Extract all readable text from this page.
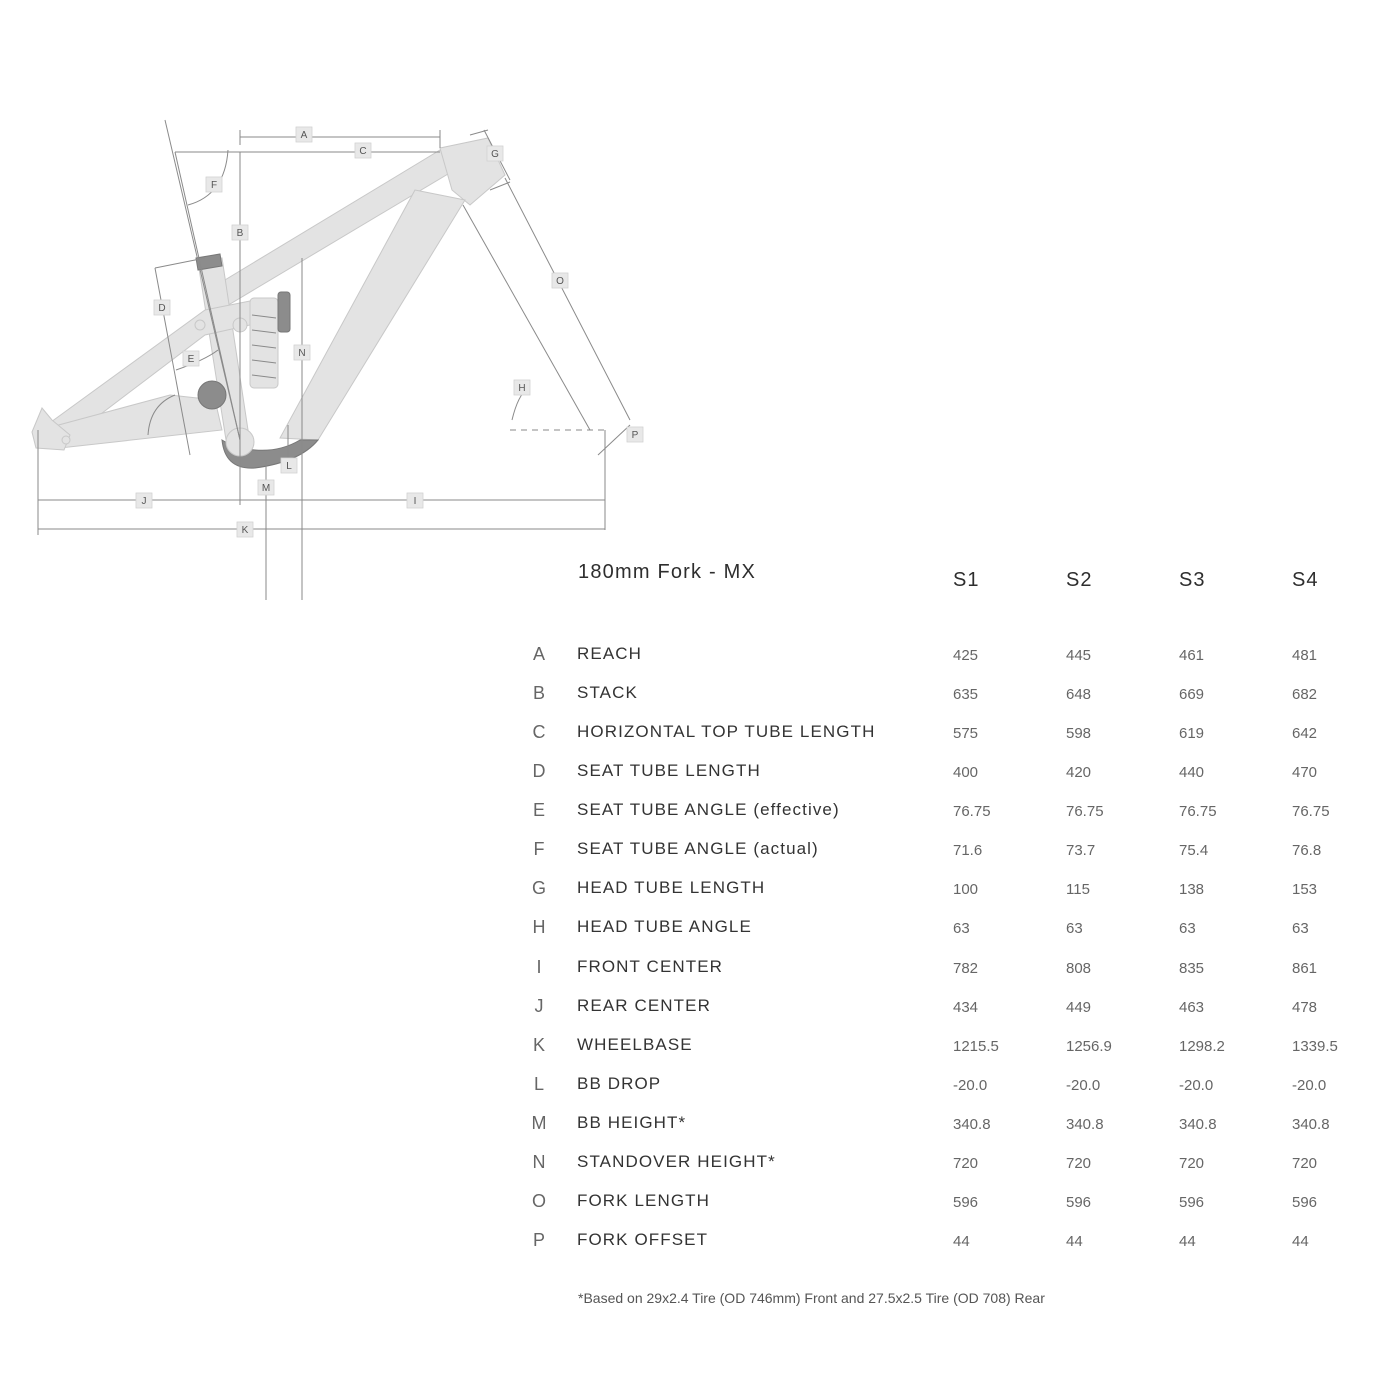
A
B
C
D
E
F
G
H
I
J
K
L
M
N
O
P
180mm Fork - MX	S1	S2	S3	S4
A	REACH	425	445	461	481
B	STACK	635	648	669	682
C	HORIZONTAL TOP TUBE LENGTH	575	598	619	642
D	SEAT TUBE LENGTH	400	420	440	470
E	SEAT TUBE ANGLE (effective)	76.75	76.75	76.75	76.75
F	SEAT TUBE ANGLE (actual)	71.6	73.7	75.4	76.8
G	HEAD TUBE LENGTH	100	115	138	153
H	HEAD TUBE ANGLE	63	63	63	63
I	FRONT CENTER	782	808	835	861
J	REAR CENTER	434	449	463	478
K	WHEELBASE	1215.5	1256.9	1298.2	1339.5
L	BB DROP	-20.0	-20.0	-20.0	-20.0
M	BB HEIGHT*	340.8	340.8	340.8	340.8
N	STANDOVER HEIGHT*	720	720	720	720
O	FORK LENGTH	596	596	596	596
P	FORK OFFSET	44	44	44	44
*Based on 29x2.4 Tire (OD 746mm) Front and 27.5x2.5 Tire (OD 708) Rear
